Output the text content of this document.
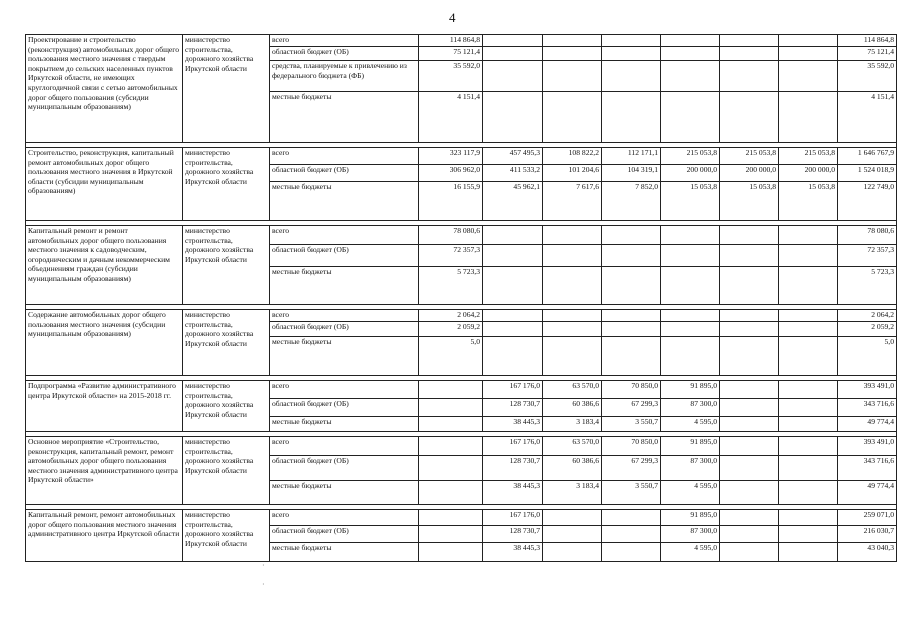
4
Проектирование и строительство (реконструкция) автомобильных дорог общего пользования местного значения с твердым покрытием до сельских населенных пунктов Иркутской области, не имеющих круглогодичной связи с сетью автомобильных дорог общего пользования (субсидии муниципальным образованиям)	министерство строительства, дорожного хозяйства Иркутской области	всего	114 864,8							114 864,8
		областной бюджет (ОБ)	75 121,4							75 121,4
		средства, планируемые к привлечению из федерального бюджета (ФБ)	35 592,0							35 592,0
		местные бюджеты	4 151,4							4 151,4

Строительство, реконструкция, капитальный ремонт автомобильных дорог общего пользования местного значения в Иркутской области (субсидии муниципальным образованиям)	министерство строительства, дорожного хозяйства Иркутской области	всего	323 117,9	457 495,3	108 822,2	112 171,1	215 053,8	215 053,8	215 053,8	1 646 767,9
		областной бюджет (ОБ)	306 962,0	411 533,2	101 204,6	104 319,1	200 000,0	200 000,0	200 000,0	1 524 018,9
		местные бюджеты	16 155,9	45 962,1	7 617,6	7 852,0	15 053,8	15 053,8	15 053,8	122 749,0

Капитальный ремонт и ремонт автомобильных дорог общего пользования местного значения к садоводческим, огородническим и дачным некоммерческим объединениям граждан (субсидии муниципальным образованиям)	министерство строительства, дорожного хозяйства Иркутской области	всего	78 080,6							78 080,6
		областной бюджет (ОБ)	72 357,3							72 357,3
		местные бюджеты	5 723,3							5 723,3

Содержание автомобильных дорог общего пользования местного значения (субсидии муниципальным образованиям)	министерство строительства, дорожного хозяйства Иркутской области	всего	2 064,2							2 064,2
		областной бюджет (ОБ)	2 059,2							2 059,2
		местные бюджеты	5,0							5,0

Подпрограмма «Развитие административного центра Иркутской области» на 2015-2018 гг.	министерство строительства, дорожного хозяйства Иркутской области	всего		167 176,0	63 570,0	70 850,0	91 895,0			393 491,0
		областной бюджет (ОБ)		128 730,7	60 386,6	67 299,3	87 300,0			343 716,6
		местные бюджеты		38 445,3	3 183,4	3 550,7	4 595,0			49 774,4

Основное мероприятие «Строительство, реконструкция, капитальный ремонт, ремонт автомобильных дорог общего пользования местного значения административного центра Иркутской области»	министерство строительства, дорожного хозяйства Иркутской области	всего		167 176,0	63 570,0	70 850,0	91 895,0			393 491,0
		областной бюджет (ОБ)		128 730,7	60 386,6	67 299,3	87 300,0			343 716,6
		местные бюджеты		38 445,3	3 183,4	3 550,7	4 595,0			49 774,4

Капитальный ремонт, ремонт автомобильных дорог общего пользования местного значения административного центра Иркутской области	министерство строительства, дорожного хозяйства Иркутской области	всего		167 176,0			91 895,0			259 071,0
		областной бюджет (ОБ)		128 730,7			87 300,0			216 030,7
		местные бюджеты		38 445,3			4 595,0			43 040,3
·
·
